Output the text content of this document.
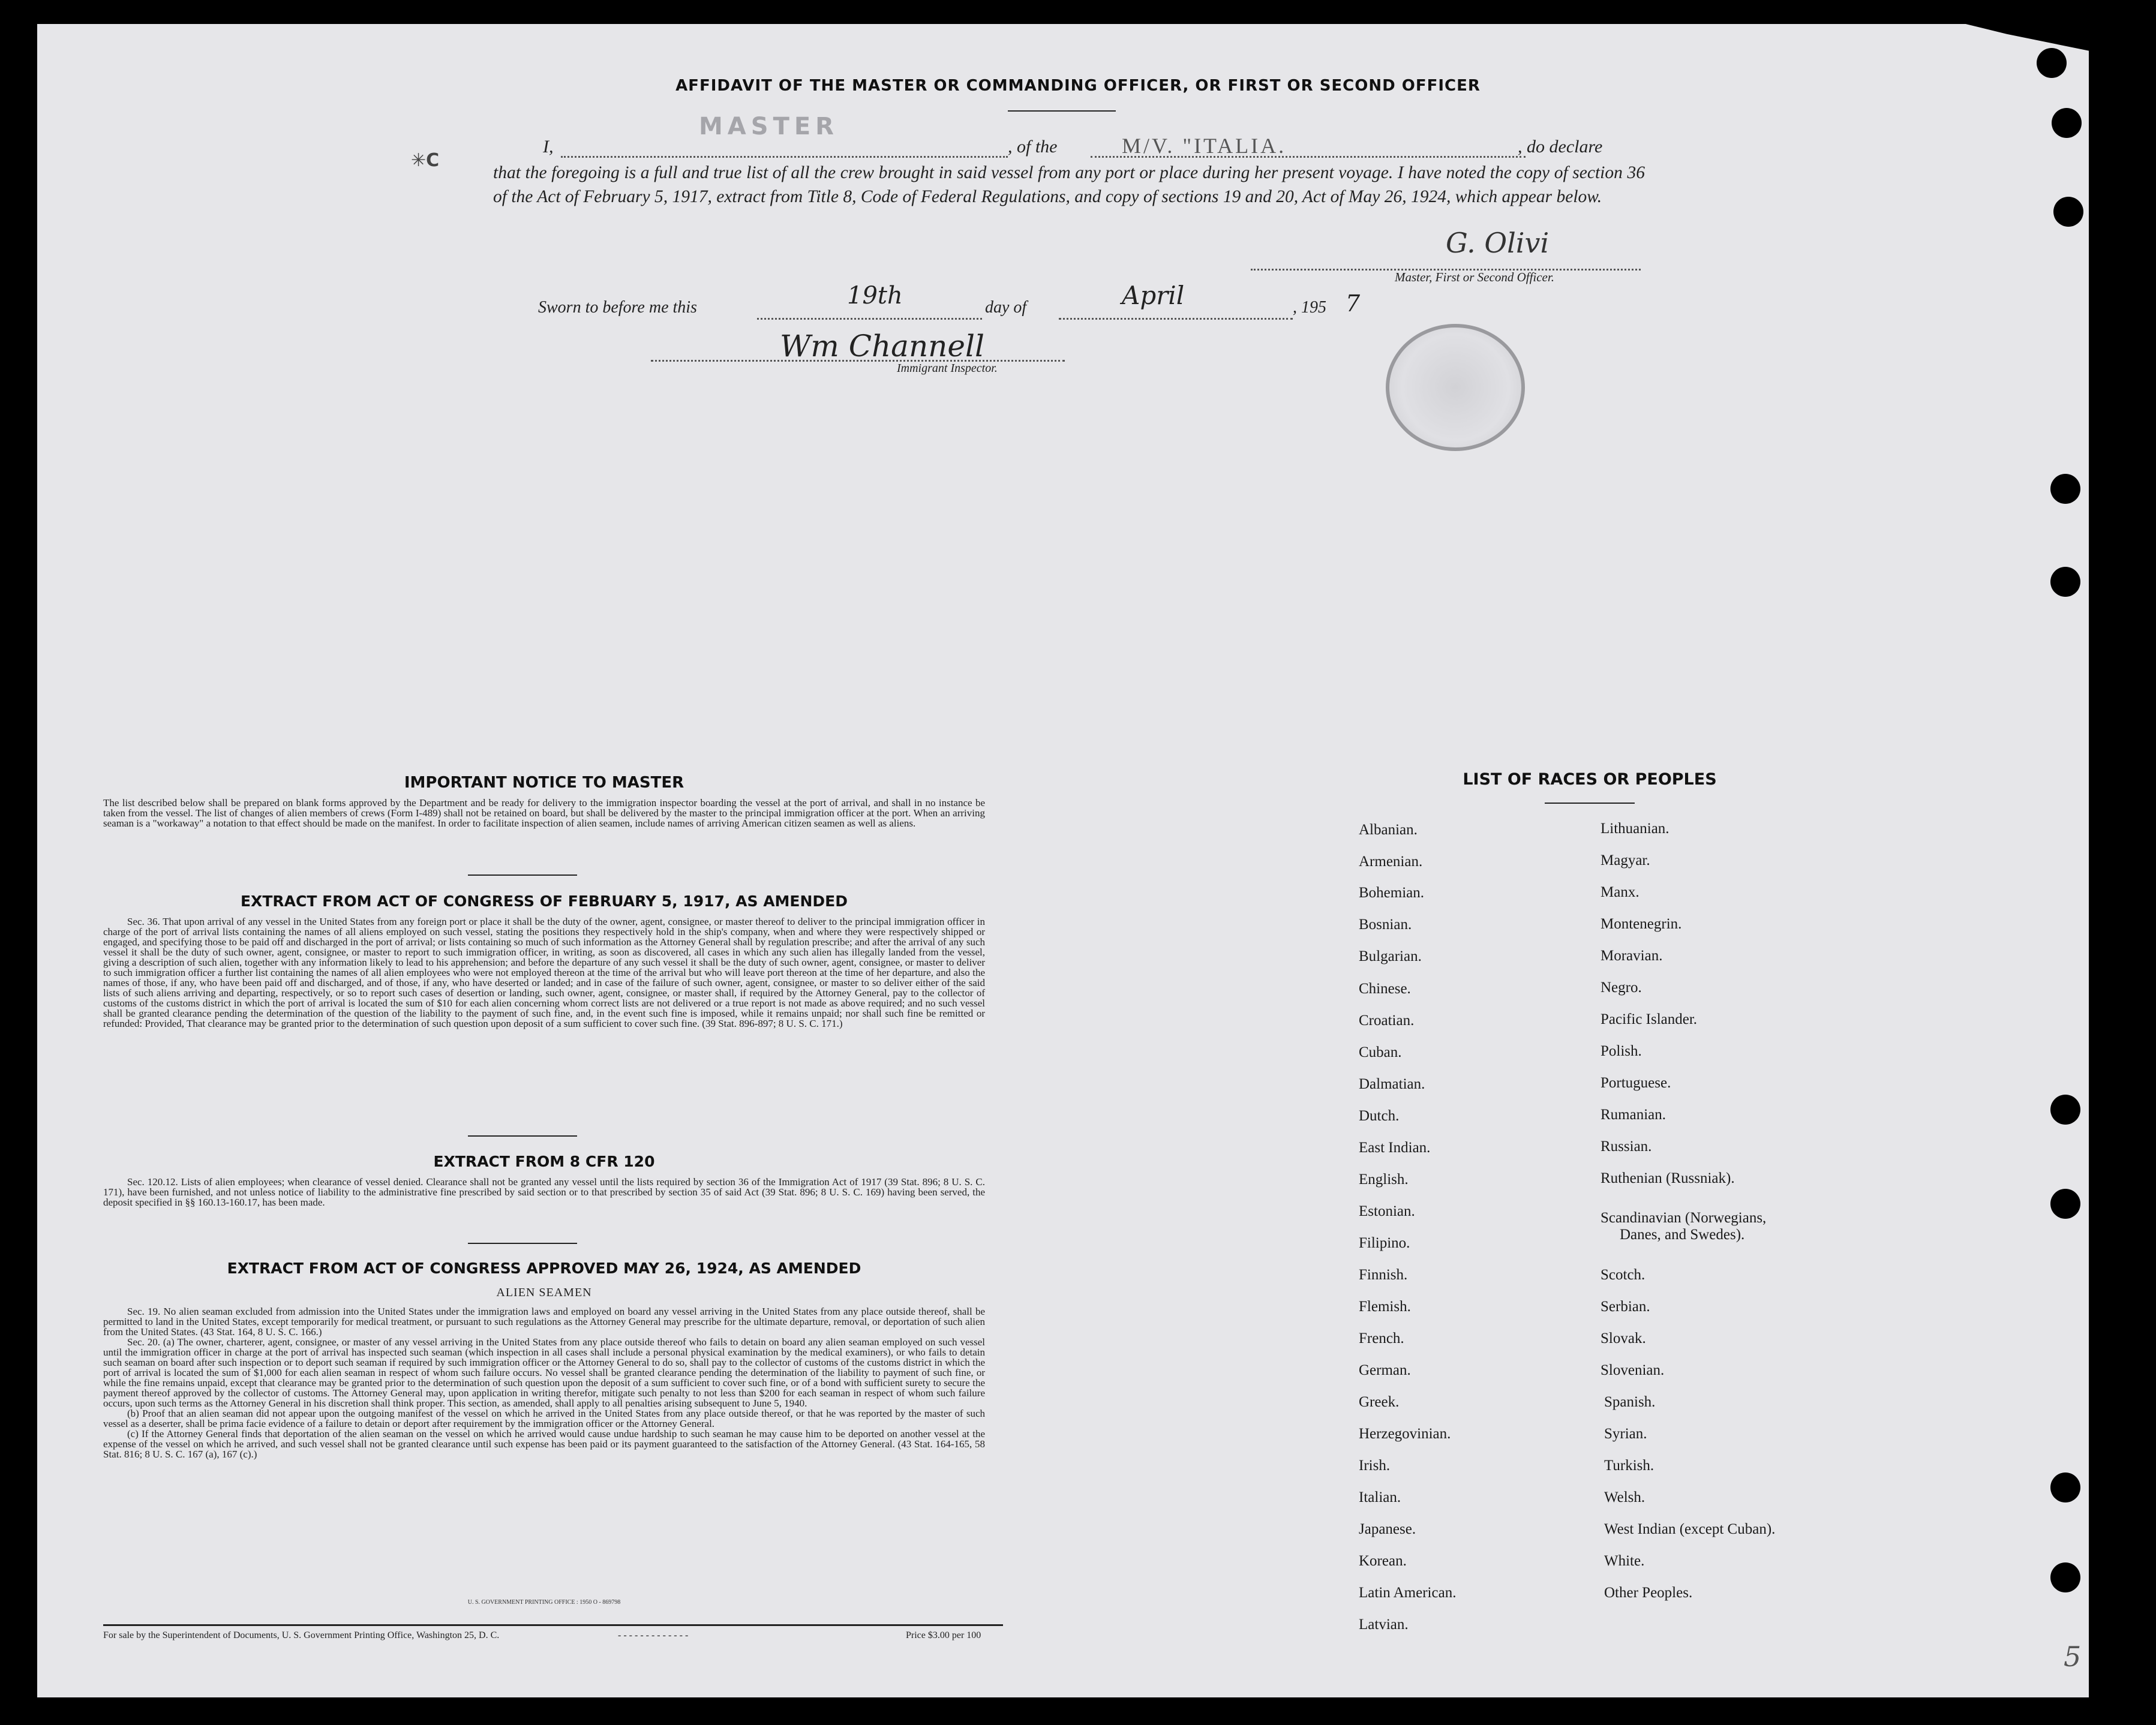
AFFIDAVIT OF THE MASTER OR COMMANDING OFFICER, OR FIRST OR SECOND OFFICER
✳C
I,
MASTER
, of the	M/V. "ITALIA.	, do declare
that the foregoing is a full and true list of all the crew brought in said vessel from any port or place during her present voyage. I have noted the copy of section 36 of the Act of February 5, 1917, extract from Title 8, Code of Federal Regulations, and copy of sections 19 and 20, Act of May 26, 1924, which appear below.
G. Olivi
Master, First or Second Officer.
Sworn to before me this	19th	day of	April	, 195 7
Wm Channell
Immigrant Inspector.
IMPORTANT NOTICE TO MASTER

The list described below shall be prepared on blank forms approved by the Department and be ready for delivery to the immigration inspector boarding the vessel at the port of arrival, and shall in no instance be taken from the vessel. The list of changes of alien members of crews (Form I-489) shall not be retained on board, but shall be delivered by the master to the principal immigration officer at the port. When an arriving seaman is a "workaway" a notation to that effect should be made on the manifest. In order to facilitate inspection of alien seamen, include names of arriving American citizen seamen as well as aliens.

EXTRACT FROM ACT OF CONGRESS OF FEBRUARY 5, 1917, AS AMENDED

Sec. 36. That upon arrival of any vessel in the United States from any foreign port or place it shall be the duty of the owner, agent, consignee, or master thereof to deliver to the principal immigration officer in charge of the port of arrival lists containing the names of all aliens employed on such vessel, stating the positions they respectively hold in the ship's company, when and where they were respectively shipped or engaged, and specifying those to be paid off and discharged in the port of arrival; or lists containing so much of such information as the Attorney General shall by regulation prescribe; and after the arrival of any such vessel it shall be the duty of such owner, agent, consignee, or master to report to such immigration officer, in writing, as soon as discovered, all cases in which any such alien has illegally landed from the vessel, giving a description of such alien, together with any information likely to lead to his apprehension; and before the departure of any such vessel it shall be the duty of such owner, agent, consignee, or master to deliver to such immigration officer a further list containing the names of all alien employees who were not employed thereon at the time of the arrival but who will leave port thereon at the time of her departure, and also the names of those, if any, who have been paid off and discharged, and of those, if any, who have deserted or landed; and in case of the failure of such owner, agent, consignee, or master to so deliver either of the said lists of such aliens arriving and departing, respectively, or so to report such cases of desertion or landing, such owner, agent, consignee, or master shall, if required by the Attorney General, pay to the collector of customs of the customs district in which the port of arrival is located the sum of $10 for each alien concerning whom correct lists are not delivered or a true report is not made as above required; and no such vessel shall be granted clearance pending the determination of the question of the liability to the payment of such fine, and, in the event such fine is imposed, while it remains unpaid; nor shall such fine be remitted or refunded: Provided, That clearance may be granted prior to the determination of such question upon deposit of a sum sufficient to cover such fine. (39 Stat. 896-897; 8 U. S. C. 171.)

EXTRACT FROM 8 CFR 120

Sec. 120.12. Lists of alien employees; when clearance of vessel denied. Clearance shall not be granted any vessel until the lists required by section 36 of the Immigration Act of 1917 (39 Stat. 896; 8 U. S. C. 171), have been furnished, and not unless notice of liability to the administrative fine prescribed by said section or to that prescribed by section 35 of said Act (39 Stat. 896; 8 U. S. C. 169) having been served, the deposit specified in §§ 160.13-160.17, has been made.

EXTRACT FROM ACT OF CONGRESS APPROVED MAY 26, 1924, AS AMENDED
ALIEN SEAMEN

Sec. 19. No alien seaman excluded from admission into the United States under the immigration laws and employed on board any vessel arriving in the United States from any place outside thereof, shall be permitted to land in the United States, except temporarily for medical treatment, or pursuant to such regulations as the Attorney General may prescribe for the ultimate departure, removal, or deportation of such alien from the United States. (43 Stat. 164, 8 U. S. C. 166.)

Sec. 20. (a) The owner, charterer, agent, consignee, or master of any vessel arriving in the United States from any place outside thereof who fails to detain on board any alien seaman employed on such vessel until the immigration officer in charge at the port of arrival has inspected such seaman (which inspection in all cases shall include a personal physical examination by the medical examiners), or who fails to detain such seaman on board after such inspection or to deport such seaman if required by such immigration officer or the Attorney General to do so, shall pay to the collector of customs of the customs district in which the port of arrival is located the sum of $1,000 for each alien seaman in respect of whom such failure occurs. No vessel shall be granted clearance pending the determination of the liability to payment of such fine, or while the fine remains unpaid, except that clearance may be granted prior to the determination of such question upon the deposit of a sum sufficient to cover such fine, or of a bond with sufficient surety to secure the payment thereof approved by the collector of customs. The Attorney General may, upon application in writing therefor, mitigate such penalty to not less than $200 for each seaman in respect of whom such failure occurs, upon such terms as the Attorney General in his discretion shall think proper. This section, as amended, shall apply to all penalties arising subsequent to June 5, 1940.

(b) Proof that an alien seaman did not appear upon the outgoing manifest of the vessel on which he arrived in the United States from any place outside thereof, or that he was reported by the master of such vessel as a deserter, shall be prima facie evidence of a failure to detain or deport after requirement by the immigration officer or the Attorney General.

(c) If the Attorney General finds that deportation of the alien seaman on the vessel on which he arrived would cause undue hardship to such seaman he may cause him to be deported on another vessel at the expense of the vessel on which he arrived, and such vessel shall not be granted clearance until such expense has been paid or its payment guaranteed to the satisfaction of the Attorney General. (43 Stat. 164-165, 58 Stat. 816; 8 U. S. C. 167 (a), 167 (c).)

U. S. GOVERNMENT PRINTING OFFICE : 1950 O - 869798
For sale by the Superintendent of Documents, U. S. Government Printing Office, Washington 25, D. C.	- - - - - - - - - - - - -	Price $3.00 per 100
LIST OF RACES OR PEOPLES
Albanian.
Armenian.
Bohemian.
Bosnian.
Bulgarian.
Chinese.
Croatian.
Cuban.
Dalmatian.
Dutch.
East Indian.
English.
Estonian.
Filipino.
Finnish.
Flemish.
French.
German.
Greek.
Herzegovinian.
Irish.
Italian.
Japanese.
Korean.
Latin American.
Latvian.
Lithuanian.
Magyar.
Manx.
Montenegrin.
Moravian.
Negro.
Pacific Islander.
Polish.
Portuguese.
Rumanian.
Russian.
Ruthenian (Russniak).
Scandinavian (Norwegians,
Danes, and Swedes).
Scotch.
Serbian.
Slovak.
Slovenian.
Spanish.
Syrian.
Turkish.
Welsh.
West Indian (except Cuban).
White.
Other Peoples.
5
